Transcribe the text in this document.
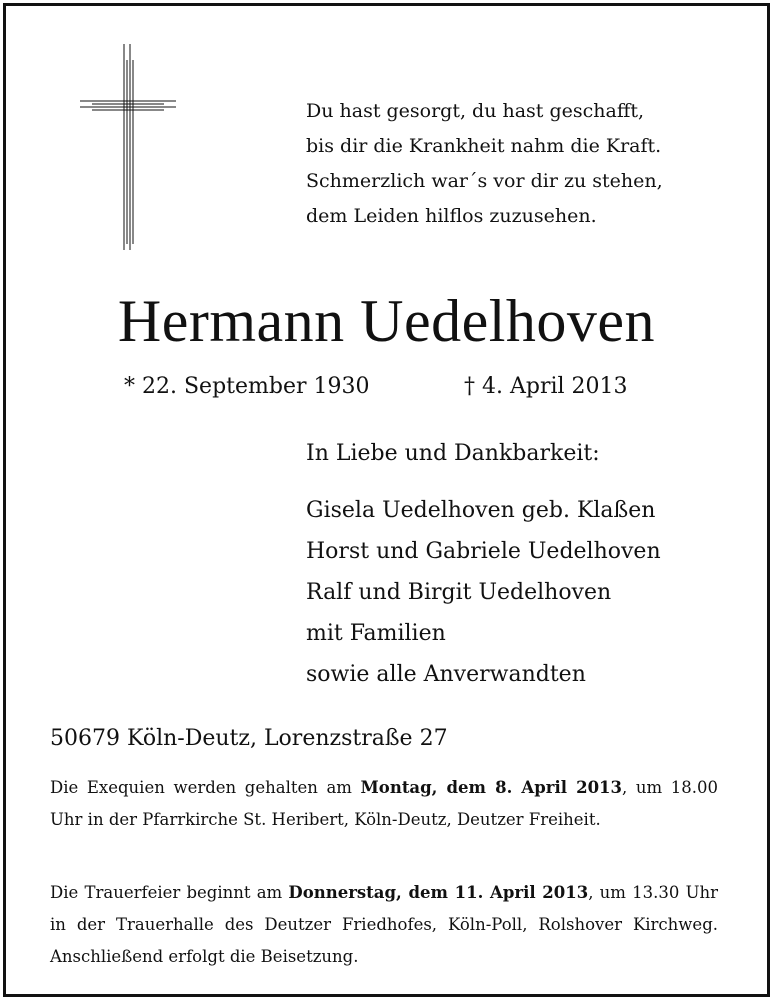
Du hast gesorgt, du hast geschafft,
bis dir die Krankheit nahm die Kraft.
Schmerzlich war´s vor dir zu stehen,
dem Leiden hilflos zuzusehen.
Hermann Uedelhoven
* 22. September 1930	† 4. April 2013
In Liebe und Dankbarkeit:
Gisela Uedelhoven geb. Klaßen
Horst und Gabriele Uedelhoven
Ralf und Birgit Uedelhoven
mit Familien
sowie alle Anverwandten
50679 Köln-Deutz, Lorenzstraße 27
Die Exequien werden gehalten am Montag, dem 8. April 2013, um 18.00 Uhr in der Pfarrkirche St. Heribert, Köln-Deutz, Deutzer Freiheit.
Die Trauerfeier beginnt am Donnerstag, dem 11. April 2013, um 13.30 Uhr in der Trauerhalle des Deutzer Friedhofes, Köln-Poll, Rolshover Kirchweg. Anschließend erfolgt die Beisetzung.
